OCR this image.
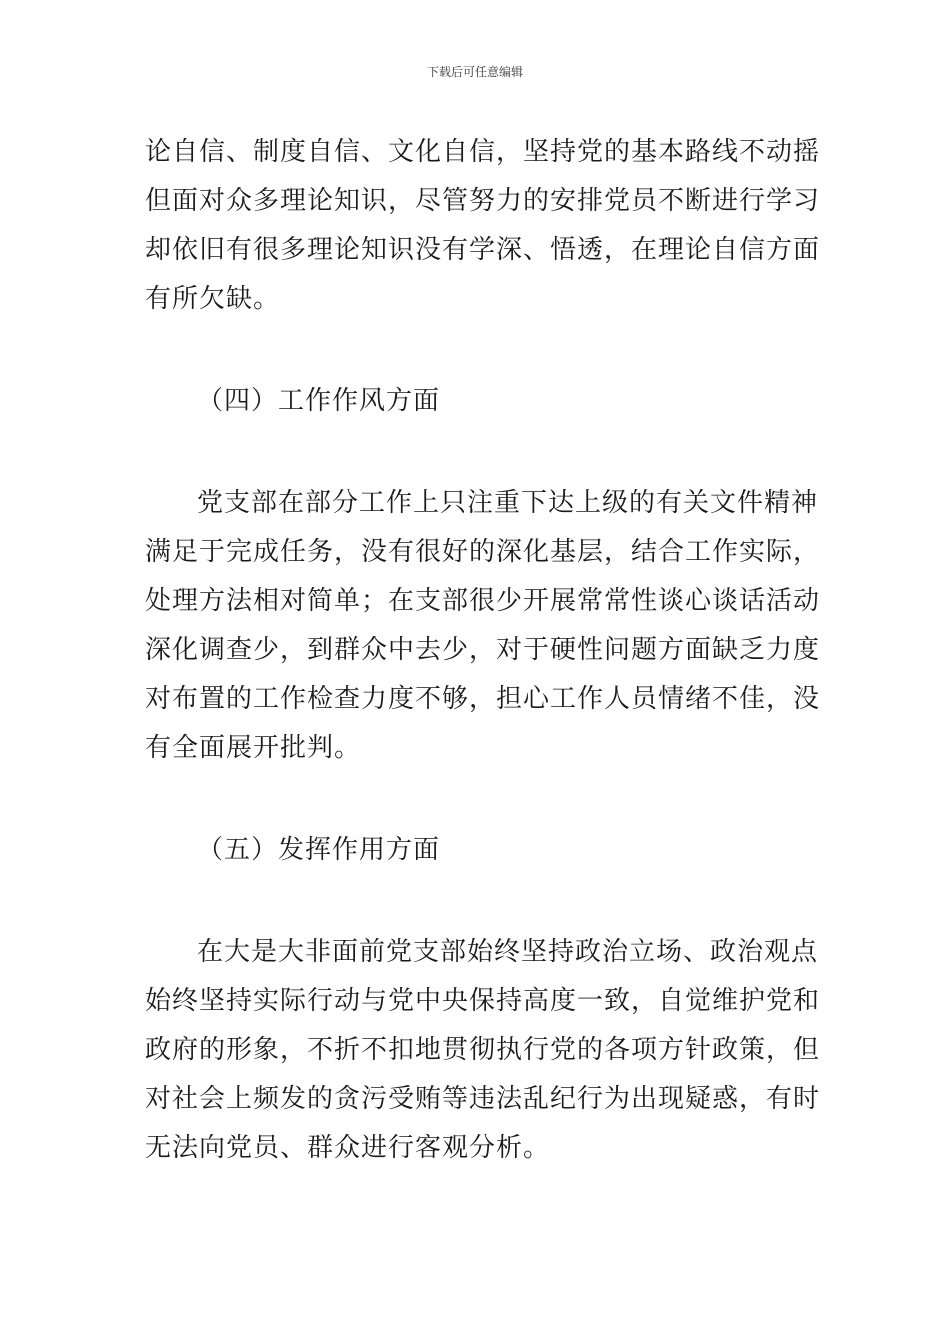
下载后可任意编辑
论自信、制度自信、文化自信，坚持党的基本路线不动摇
但面对众多理论知识，尽管努力的安排党员不断进行学习
却依旧有很多理论知识没有学深、悟透，在理论自信方面
有所欠缺。
（四）工作作风方面
党支部在部分工作上只注重下达上级的有关文件精神
满足于完成任务，没有很好的深化基层，结合工作实际，
处理方法相对简单；在支部很少开展常常性谈心谈话活动
深化调查少，到群众中去少，对于硬性问题方面缺乏力度
对布置的工作检查力度不够，担心工作人员情绪不佳，没
有全面展开批判。
（五）发挥作用方面
在大是大非面前党支部始终坚持政治立场、政治观点
始终坚持实际行动与党中央保持高度一致，自觉维护党和
政府的形象，不折不扣地贯彻执行党的各项方针政策，但
对社会上频发的贪污受贿等违法乱纪行为出现疑惑，有时
无法向党员、群众进行客观分析。
